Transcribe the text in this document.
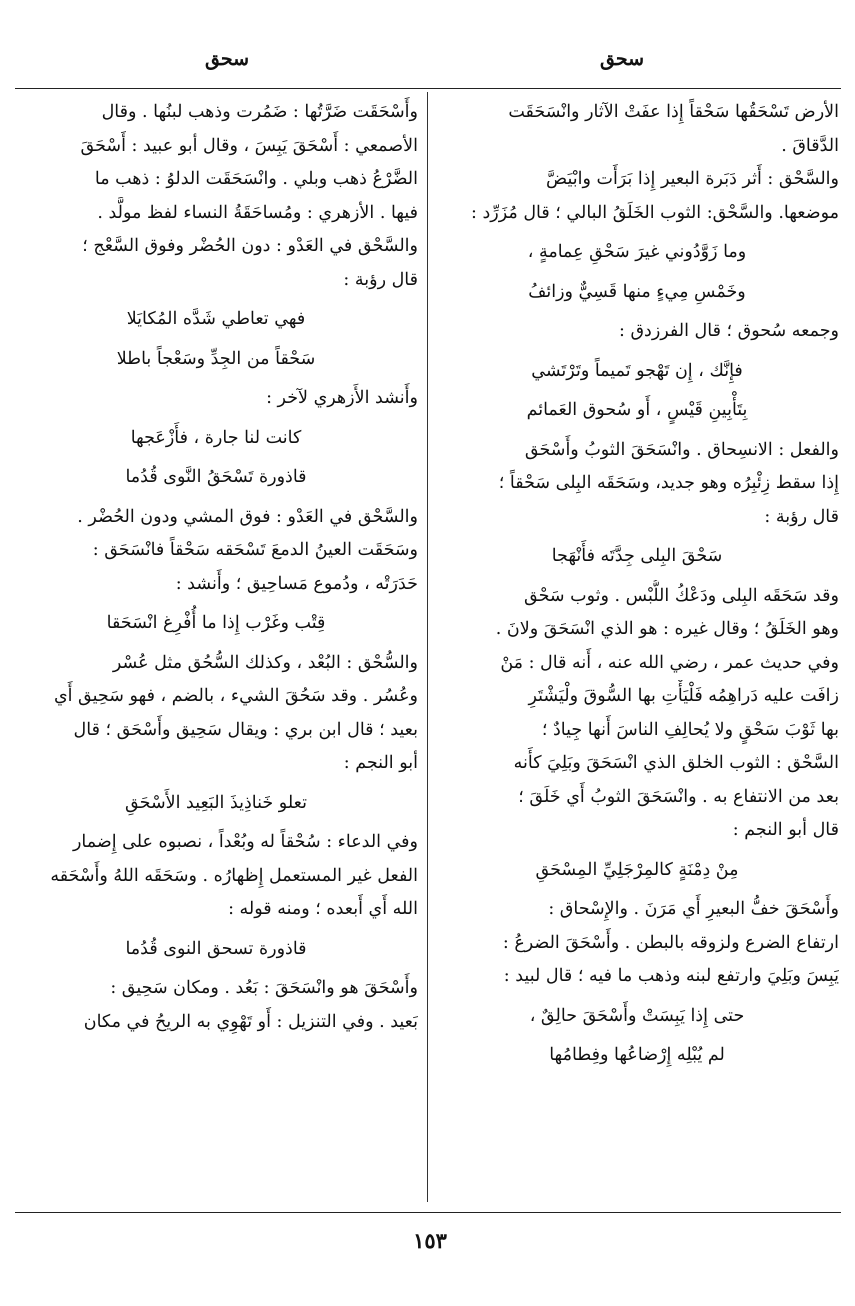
سحق
سحق
الأرض تَسْحَقُها سَحْقاً إِذا عفَتْ الآثار وانْسَحَقَت
الدَّقاقَ .
والسَّحْق : أَثر دَبَرة البعير إِذا بَرَأَت وابْيَضَّ
موضعها. والسَّحْق: الثوب الخَلَقُ البالي ؛ قال مُزَرِّد :
وما زَوَّدُوني غيرَ سَحْقِ عِمامةٍ ،
وخَمْسِ مِيءٍ منها قَسِيٌّ وزائفُ
وجمعه سُحوق ؛ قال الفرزدق :
فإِنَّك ، إِن تَهْجو تَميماً وتَرْتَشي
بِتَأْبِينِ قَيْسٍ ، أَو سُحوق العَمائم
والفعل : الانسِحاق . وانْسَحَقَ الثوبُ وأَسْحَق
إِذا سقط زِئْبِرُه وهو جديد، وسَحَقَه البِلى سَحْقاً ؛
قال رؤبة :
سَحْقَ البِلى جِدَّتَه فأَنْهَجا
وقد سَحَقَه البِلى ودَعْكُ اللُّبْس . وثوب سَحْق
وهو الخَلَقُ ؛ وقال غيره : هو الذي انْسَحَقَ ولانَ .
وفي حديث عمر ، رضي الله عنه ، أَنه قال : مَنْ
زافَت عليه دَراهِمُه فَلْيَأْتِ بها السُّوقَ ولْيَشْتَرِ
بها ثَوْبَ سَحْقٍ ولا يُحالِفِ الناسَ أَنها جِيادٌ ؛
السَّحْق : الثوب الخلق الذي انْسَحَقَ وبَلِيَ كأَنه
بعد من الانتفاع به . وانْسَحَقَ الثوبُ أَي خَلَقَ ؛
قال أبو النجم :
مِنْ دِمْنَةٍ كالمِرْجَلِيِّ المِسْحَقِ
وأَسْحَقَ خفُّ البعيرِ أَي مَرَنَ . والإِسْحاق :
ارتفاع الضرع ولزوقه بالبطن . وأَسْحَقَ الضرعُ :
يَبِسَ وبَلِيَ وارتفع لبنه وذهب ما فيه ؛ قال لبيد :
حتى إِذا يَبِسَتْ وأَسْحَقَ حالِقٌ ،
لم يُبْلِه إِرْضاعُها وفِطامُها
وأَسْحَقَت ضَرَّتُها : ضَمُرت وذهب لبنُها . وقال
الأصمعي : أَسْحَقَ يَبِسَ ، وقال أبو عبيد : أَسْحَقَ
الضَّرْعُ ذهب وبلي . وانْسَحَقَت الدلوُ : ذهب ما
فيها . الأزهري : ومُساحَقَةُ النساء لفظ مولَّد .
والسَّحْق في العَدْو : دون الحُضْر وفوق السَّعْج ؛
قال رؤبة :
فهي تعاطي شَدَّه المُكايَلا
سَحْقاً من الجِدِّ وسَعْجاً باطلا
وأَنشد الأَزهري لآخر :
كانت لنا جارة ، فأَزْعَجها
قاذورة تَسْحَقُ النَّوى قُدُما
والسَّحْق في العَدْو : فوق المشي ودون الحُضْر .
وسَحَقَت العينُ الدمعَ تَسْحَقه سَحْقاً فانْسَحَق :
حَدَرَتْه ، ودُموع مَساحِيق ؛ وأَنشد :
قِتْب وغَرْب إِذا ما أُفْرِغ انْسَحَقا
والسُّحْق : البُعْد ، وكذلك السُّحُق مثل عُسْر
وعُسُر . وقد سَحُقَ الشيء ، بالضم ، فهو سَحِيق أَي
بعيد ؛ قال ابن بري : ويقال سَحِيق وأَسْحَق ؛ قال
أبو النجم :
تعلو خَناذِيذَ البَعِيد الأَسْحَقِ
وفي الدعاء : سُحْقاً له وبُعْداً ، نصبوه على إِضمار
الفعل غير المستعمل إِظهارُه . وسَحَقَه اللهُ وأَسْحَقه
الله أَي أَبعده ؛ ومنه قوله :
قاذورة تسحق النوى قُدُما
وأَسْحَقَ هو وانْسَحَقَ : بَعُد . ومكان سَحِيق :
بَعيد . وفي التنزيل : أَو تَهْوِي به الريحُ في مكان
١٥٣
